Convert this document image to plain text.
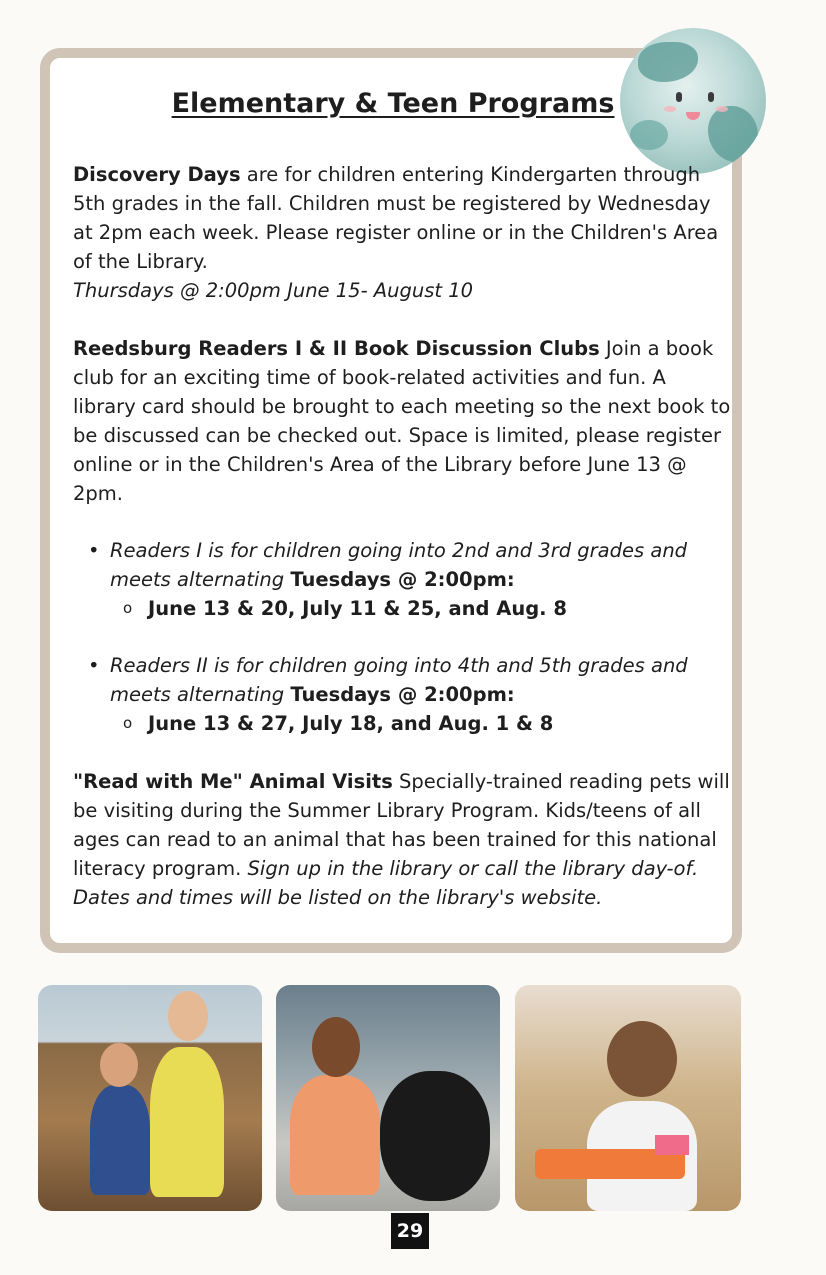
Elementary & Teen Programs

Discovery Days are for children entering Kindergarten through 5th grades in the fall. Children must be registered by Wednesday at 2pm each week. Please register online or in the Children's Area of the Library.
Thursdays @ 2:00pm June 15- August 10

Reedsburg Readers I & II Book Discussion Clubs Join a book club for an exciting time of book-related activities and fun. A library card should be brought to each meeting so the next book to be discussed can be checked out. Space is limited, please register online or in the Children's Area of the Library before June 13 @ 2pm.

• Readers I is for children going into 2nd and 3rd grades and meets alternating Tuesdays @ 2:00pm:
o June 13 & 20, July 11 & 25, and Aug. 8
• Readers II is for children going into 4th and 5th grades and meets alternating Tuesdays @ 2:00pm:
o June 13 & 27, July 18, and Aug. 1 & 8

"Read with Me" Animal Visits Specially-trained reading pets will be visiting during the Summer Library Program. Kids/teens of all ages can read to an animal that has been trained for this national literacy program. Sign up in the library or call the library day-of. Dates and times will be listed on the library's website.

29
